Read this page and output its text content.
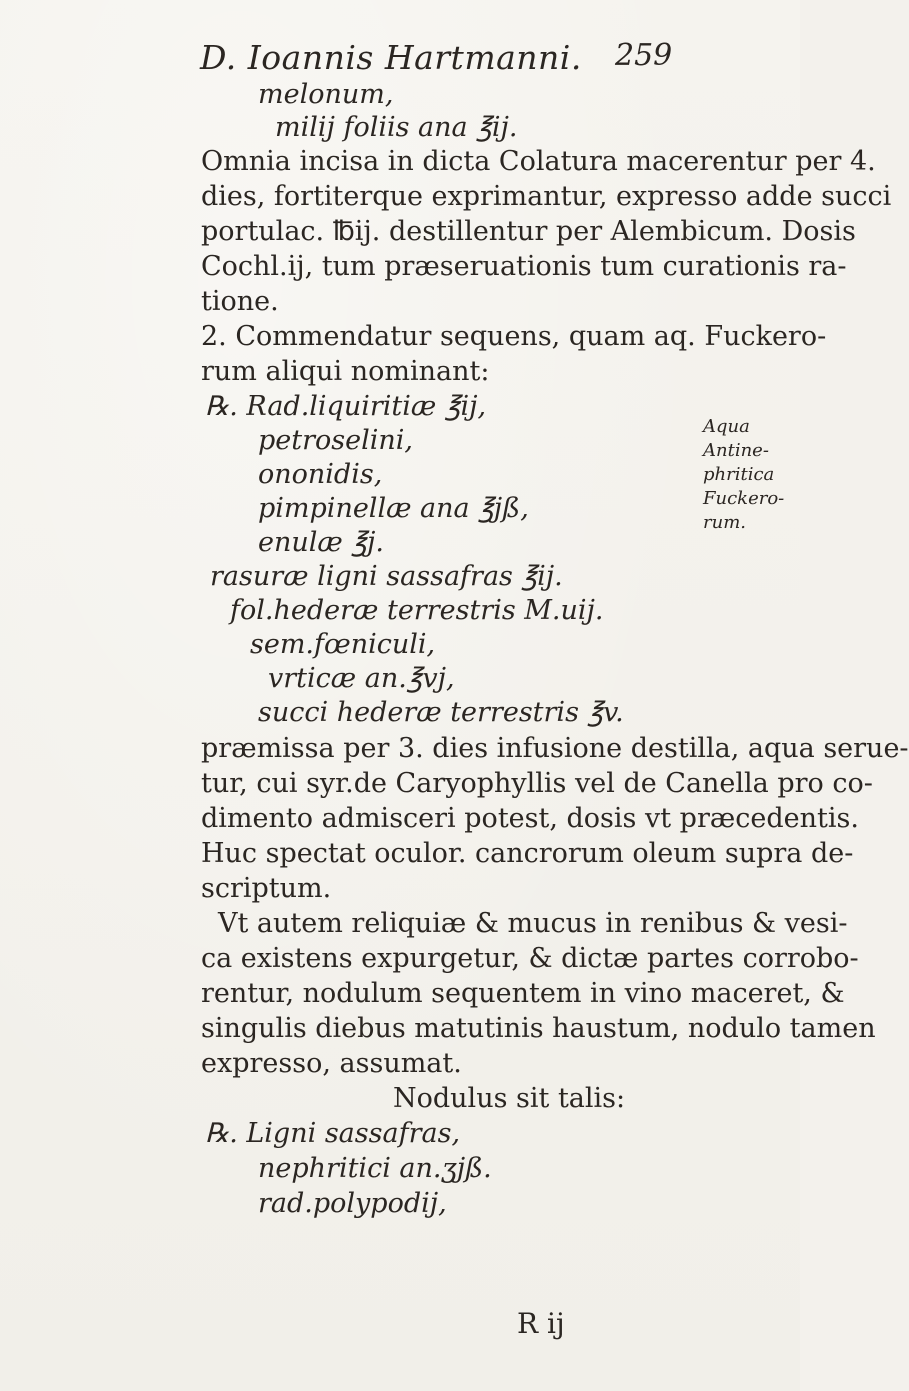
D. Ioannis Hartmanni. 259
melonum,
milij foliis ana ℥ij.
Omnia incisa in dicta Colatura macerentur per 4.
dies, fortiterque exprimantur, expresso adde succi
portulac. ℔ij. destillentur per Alembicum. Dosis
Cochl.ij, tum præseruationis tum curationis ra-
tione.
2. Commendatur sequens, quam aq. Fuckero-
rum aliqui nominant:
℞. Rad.liquiritiæ ℥ij,
petroselini,
ononidis,
pimpinellæ ana ℥jß,
enulæ ℥j.
rasuræ ligni sassafras ℥ij.
fol.hederæ terrestris M.uij.
sem.fœniculi,
vrticæ an.℥vj,
succi hederæ terrestris ℥v.
præmissa per 3. dies infusione destilla, aqua serue-
tur, cui syr.de Caryophyllis vel de Canella pro co-
dimento admisceri potest, dosis vt præcedentis.
Huc spectat oculor. cancrorum oleum supra de-
scriptum.
Vt autem reliquiæ & mucus in renibus & vesi-
ca existens expurgetur, & dictæ partes corrobo-
rentur, nodulum sequentem in vino maceret, &
singulis diebus matutinis haustum, nodulo tamen
expresso, assumat.
Nodulus sit talis:
℞. Ligni sassafras,
nephritici an.ʒjß.
rad.polypodij,
Aqua
Antine-
phritica
Fuckero-
rum.
R ij
